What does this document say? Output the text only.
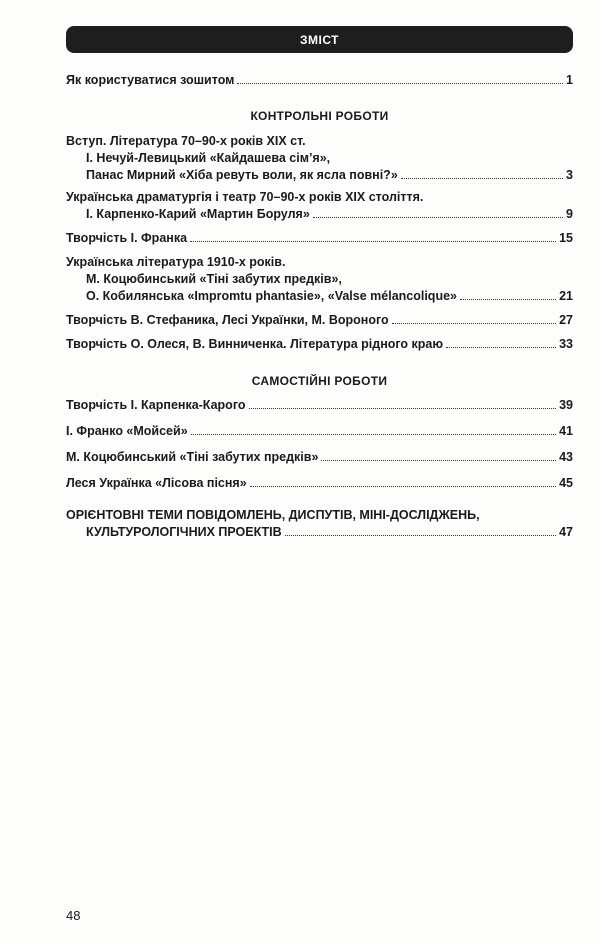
ЗМІСТ
Як користуватися зошитом	1
КОНТРОЛЬНІ РОБОТИ
Вступ. Література 70–90-х років ХІХ ст.
І. Нечуй-Левицький «Кайдашева сім’я»,
Панас Мирний «Хіба ревуть воли, як ясла повні?»	3
Українська драматургія і театр 70–90-х років ХІХ століття.
І. Карпенко-Карий «Мартин Боруля»	9
Творчість І. Франка	15
Українська література 1910-х років.
М. Коцюбинський «Тіні забутих предків»,
О. Кобилянська «Impromtu phantasie», «Valse mélancolique»	21
Творчість В. Стефаника, Лесі Українки, М. Вороного	27
Творчість О. Олеся, В. Винниченка. Література рідного краю	33
САМОСТІЙНІ РОБОТИ
Творчість І. Карпенка-Карого	39
І. Франко «Мойсей»	41
М. Коцюбинський «Тіні забутих предків»	43
Леся Українка «Лісова пісня»	45
ОРІЄНТОВНІ ТЕМИ ПОВІДОМЛЕНЬ, ДИСПУТІВ, МІНІ-ДОСЛІДЖЕНЬ,
КУЛЬТУРОЛОГІЧНИХ ПРОЕКТІВ	47
48
